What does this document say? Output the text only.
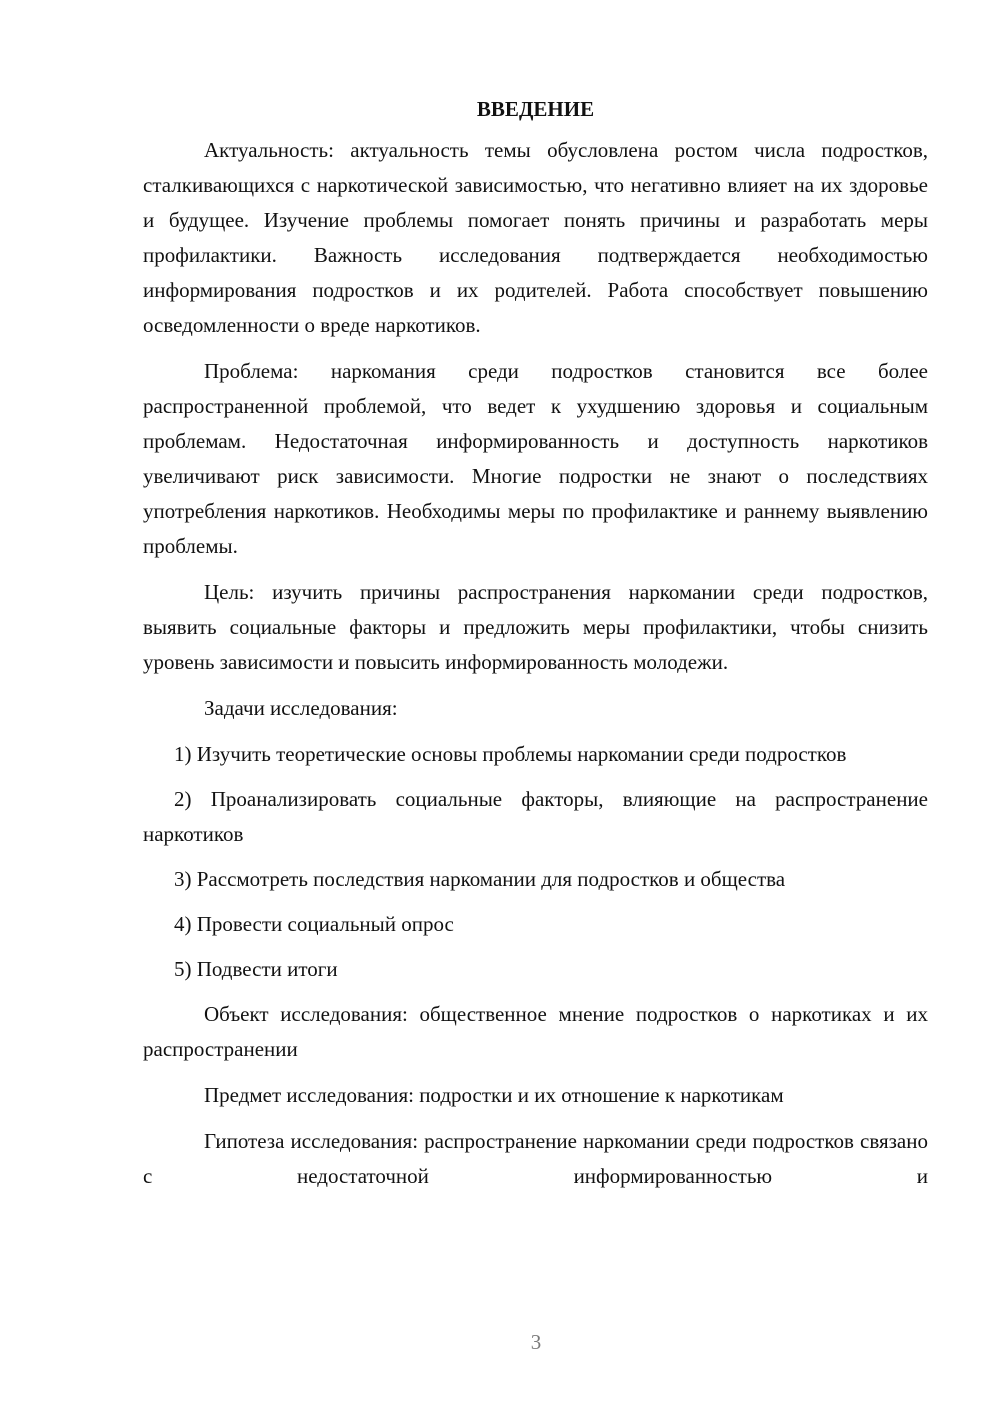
ВВЕДЕНИЕ

Актуальность: актуальность темы обусловлена ростом числа подростков, сталкивающихся с наркотической зависимостью, что негативно влияет на их здоровье и будущее. Изучение проблемы помогает понять причины и разработать меры профилактики. Важность исследования подтверждается необходимостью информирования подростков и их родителей. Работа способствует повышению осведомленности о вреде наркотиков.

Проблема: наркомания среди подростков становится все более распространенной проблемой, что ведет к ухудшению здоровья и социальным проблемам. Недостаточная информированность и доступность наркотиков увеличивают риск зависимости. Многие подростки не знают о последствиях употребления наркотиков. Необходимы меры по профилактике и раннему выявлению проблемы.

Цель: изучить причины распространения наркомании среди подростков, выявить социальные факторы и предложить меры профилактики, чтобы снизить уровень зависимости и повысить информированность молодежи.

Задачи исследования:

1) Изучить теоретические основы проблемы наркомании среди подростков

2) Проанализировать социальные факторы, влияющие на распространение наркотиков

3) Рассмотреть последствия наркомании для подростков и общества

4) Провести социальный опрос

5) Подвести итоги

Объект исследования: общественное мнение подростков о наркотиках и их распространении

Предмет исследования: подростки и их отношение к наркотикам

Гипотеза исследования: распространение наркомании среди подростков связано с недостаточной информированностью и

3
